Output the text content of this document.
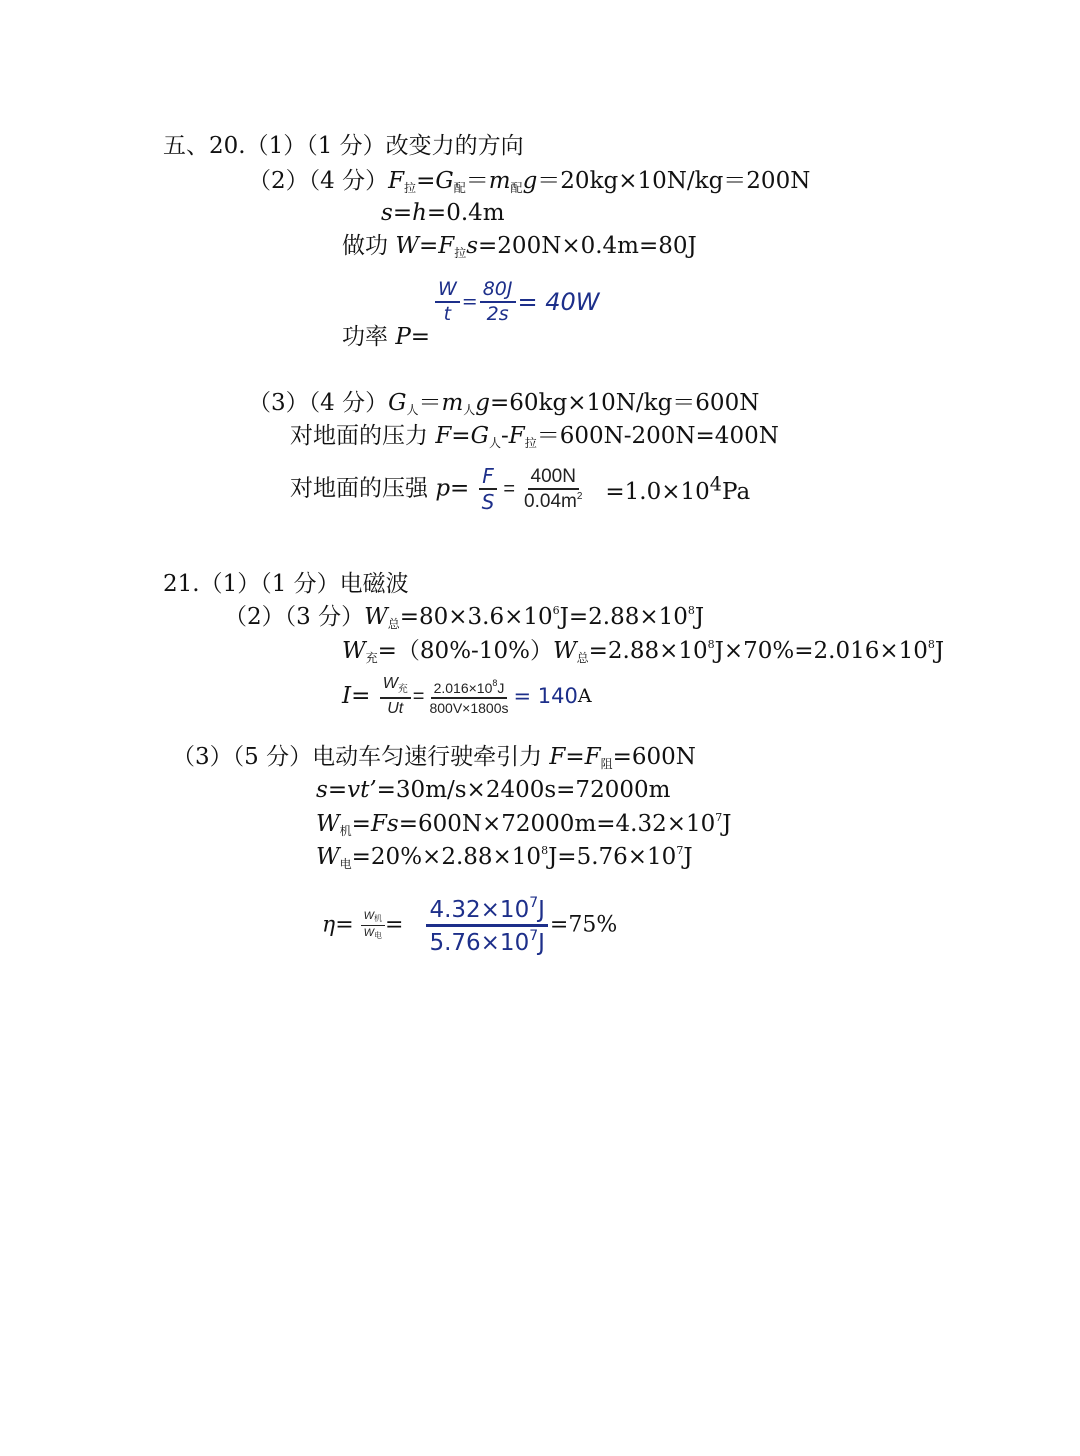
五、20.（1）（1 分）改变力的方向
（2）（4 分）$F_拉=G_配=m_配g=20kg\times 10N/kg=200N$
s=h=0.4m
做功 $W=F_拉s=200N\times 0.4m=80J$
$\frac{W}{t} = \frac{80J}{2s} = 40W$
功率 P=
（3）（4 分）$G_人=m_人g=60kg\times 10N/kg=600N$
对地面的压力 $F=G_人-F_拉=600N-200N=400N$
对地面的压强 $p= \frac{F}{S} = \frac{400N}{0.04m^2} =1.0\times 10^4Pa$
21.（1）（1 分）电磁波
（2）（3 分）$W_总=80\times 3.6\times 10^6J=2.88\times 10^8J$
$W_充=(80\%-10\%)W_总=2.88\times 10^8J\times 70\%=2.016\times 10^8J$
$I= \frac{W_充}{Ut} = \frac{2.016\times 10^8J}{800V\times 1800s} = 140A$
（3）（5 分）电动车匀速行驶牵引力 $F=F_阻=600N$
s=vt’=30m/s×2400s=72000m
$W_机=Fs=600N\times 72000m=4.32\times 10^7J$
$W_电=20\%\times 2.88\times 10^8J=5.76\times 10^7J$
$\eta= \frac{W_机}{W_电} = \frac{4.32\times 10^7J}{5.76\times 10^7J} =75\%$
